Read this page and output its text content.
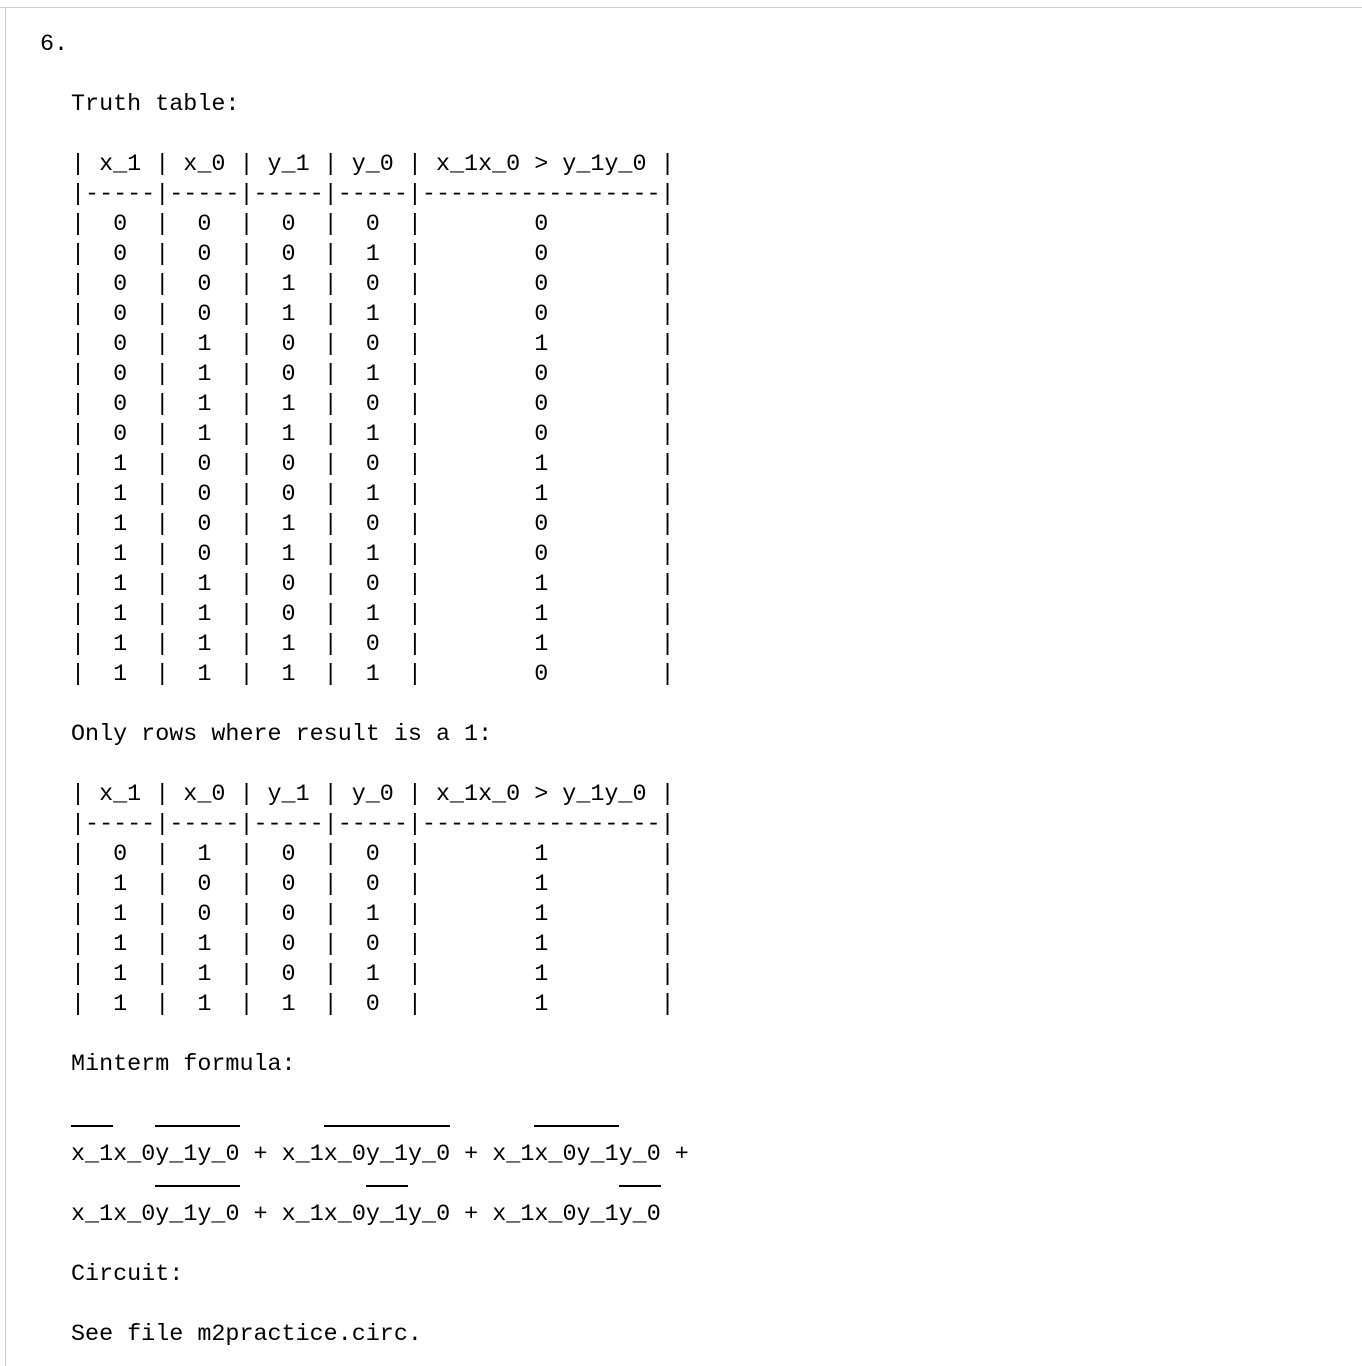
6.
Truth table:
| x_1 | x_0 | y_1 | y_0 | x_1x_0 > y_1y_0 |
|-----|-----|-----|-----|-----------------|
|  0  |  0  |  0  |  0  |        0        |
|  0  |  0  |  0  |  1  |        0        |
|  0  |  0  |  1  |  0  |        0        |
|  0  |  0  |  1  |  1  |        0        |
|  0  |  1  |  0  |  0  |        1        |
|  0  |  1  |  0  |  1  |        0        |
|  0  |  1  |  1  |  0  |        0        |
|  0  |  1  |  1  |  1  |        0        |
|  1  |  0  |  0  |  0  |        1        |
|  1  |  0  |  0  |  1  |        1        |
|  1  |  0  |  1  |  0  |        0        |
|  1  |  0  |  1  |  1  |        0        |
|  1  |  1  |  0  |  0  |        1        |
|  1  |  1  |  0  |  1  |        1        |
|  1  |  1  |  1  |  0  |        1        |
|  1  |  1  |  1  |  1  |        0        |
Only rows where result is a 1:
| x_1 | x_0 | y_1 | y_0 | x_1x_0 > y_1y_0 |
|-----|-----|-----|-----|-----------------|
|  0  |  1  |  0  |  0  |        1        |
|  1  |  0  |  0  |  0  |        1        |
|  1  |  0  |  0  |  1  |        1        |
|  1  |  1  |  0  |  0  |        1        |
|  1  |  1  |  0  |  1  |        1        |
|  1  |  1  |  1  |  0  |        1        |
Minterm formula:
x_1x_0y_1y_0 + x_1x_0y_1y_0 + x_1x_0y_1y_0 +
x_1x_0y_1y_0 + x_1x_0y_1y_0 + x_1x_0y_1y_0
Circuit:
See file m2practice.circ.
